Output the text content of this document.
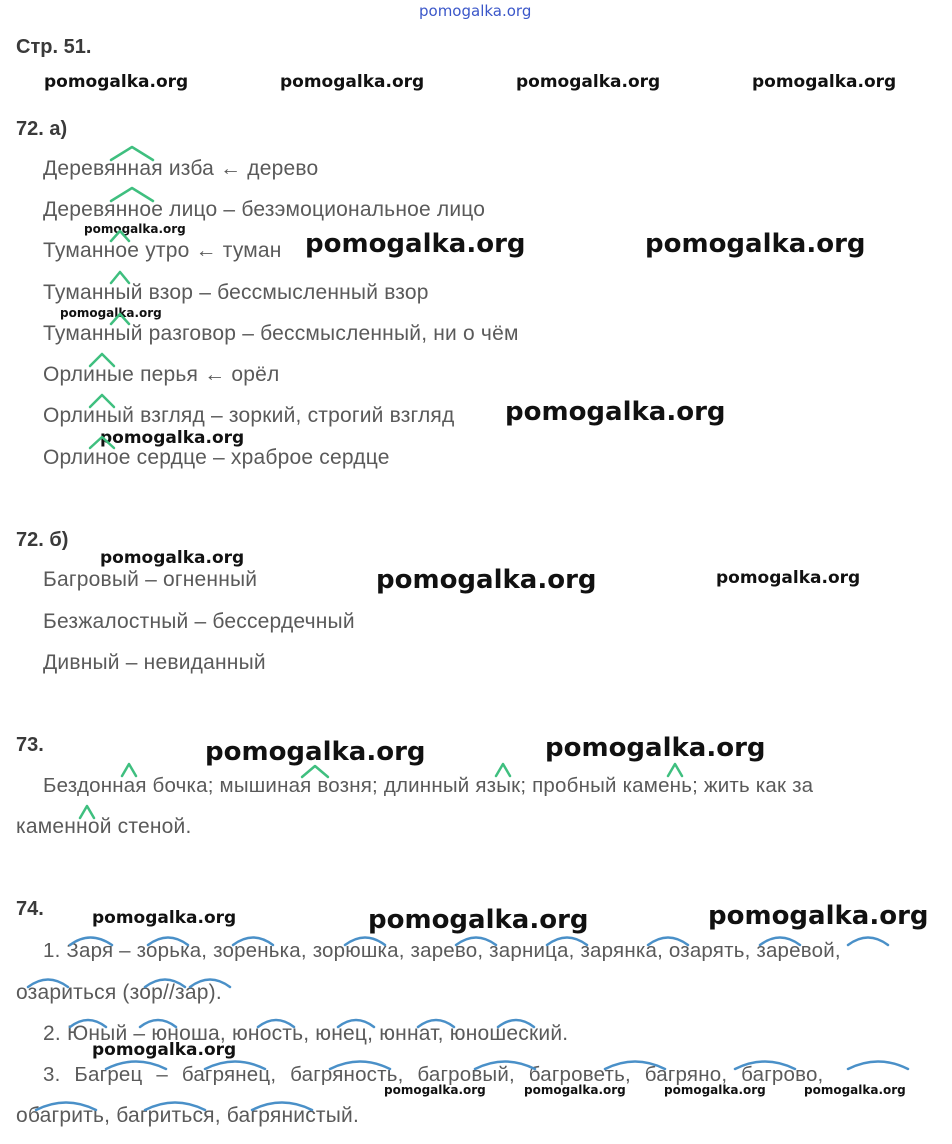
pomogalka.org
Стр. 51.
pomogalka.org	pomogalka.org	pomogalka.org	pomogalka.org
72. а)
Деревянная изба ← дерево
Деревянное лицо – безэмоциональное лицо
Туманное утро ← туман
Туманный взор – бессмысленный взор
Туманный разговор – бессмысленный, ни о чём
Орлиные перья ← орёл
Орлиный взгляд – зоркий, строгий взгляд
Орлиное сердце – храброе сердце
pomogalka.org	pomogalka.org	pomogalka.org
pomogalka.org
pomogalka.org
pomogalka.org
72. б)
pomogalka.org
Багровый – огненный	pomogalka.org	pomogalka.org
Безжалостный – бессердечный
Дивный – невиданный
73.	pomogalka.org	pomogalka.org
Бездонная бочка; мышиная возня; длинный язык; пробный камень; жить как за
каменной стеной.
74.	pomogalka.org	pomogalka.org	pomogalka.org
1. Заря – зорька, зоренька, зорюшка, зарево, зарница, зарянка, озарять, заревой,
озариться (зор//зар).
2. Юный – юноша, юность, юнец, юннат, юношеский.
pomogalka.org
3. Багрец – багрянец, багряность, багровый, багроветь, багряно, багрово,
pomogalka.org	pomogalka.org	pomogalka.org	pomogalka.org
обагрить, багриться, багрянистый.
